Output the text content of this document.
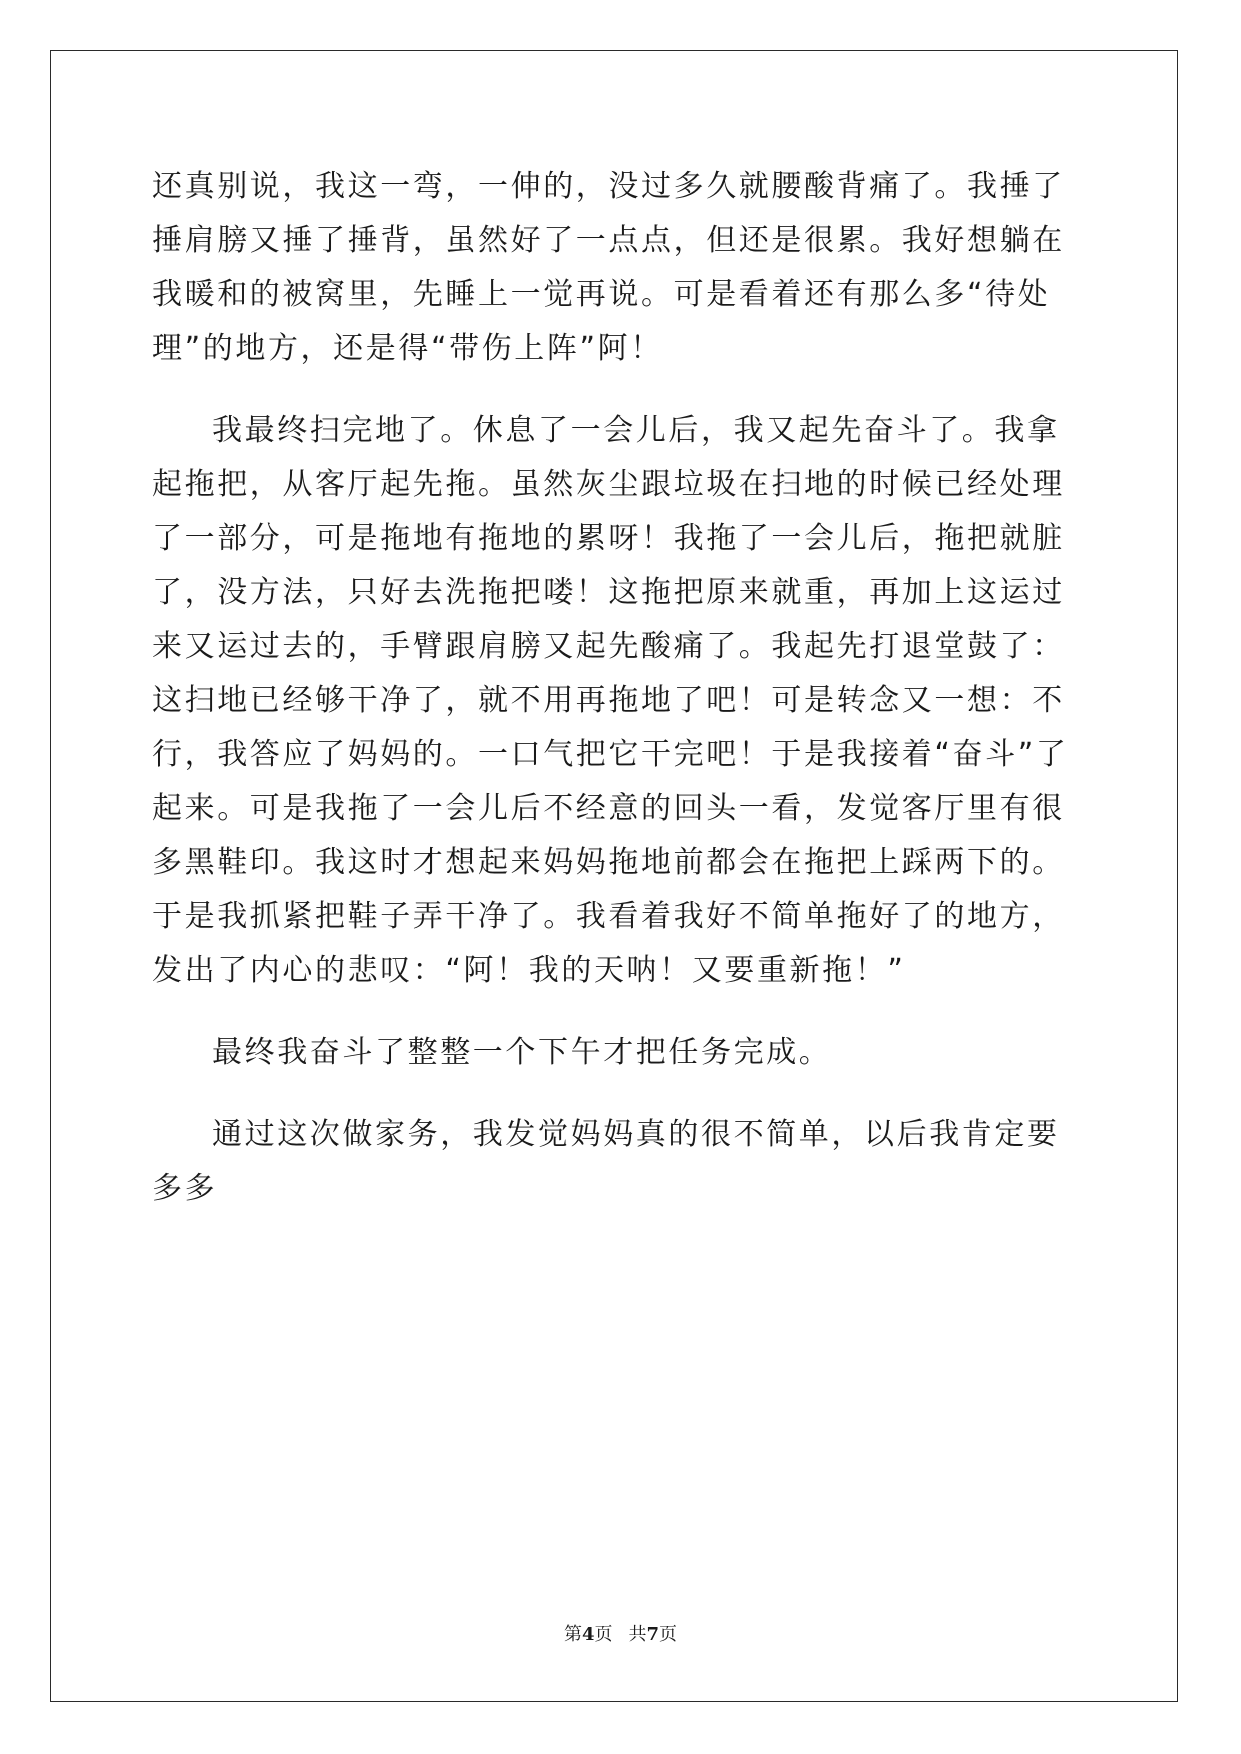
还真别说，我这一弯，一伸的，没过多久就腰酸背痛了。我捶了捶肩膀又捶了捶背，虽然好了一点点，但还是很累。我好想躺在我暖和的被窝里，先睡上一觉再说。可是看着还有那么多“待处理”的地方，还是得“带伤上阵”阿！

我最终扫完地了。休息了一会儿后，我又起先奋斗了。我拿起拖把，从客厅起先拖。虽然灰尘跟垃圾在扫地的时候已经处理了一部分，可是拖地有拖地的累呀！我拖了一会儿后，拖把就脏了，没方法，只好去洗拖把喽！这拖把原来就重，再加上这运过来又运过去的，手臂跟肩膀又起先酸痛了。我起先打退堂鼓了：这扫地已经够干净了，就不用再拖地了吧！可是转念又一想：不行，我答应了妈妈的。一口气把它干完吧！于是我接着“奋斗”了起来。可是我拖了一会儿后不经意的回头一看，发觉客厅里有很多黑鞋印。我这时才想起来妈妈拖地前都会在拖把上踩两下的。于是我抓紧把鞋子弄干净了。我看着我好不简单拖好了的地方，发出了内心的悲叹：“阿！我的天呐！又要重新拖！”

最终我奋斗了整整一个下午才把任务完成。

通过这次做家务，我发觉妈妈真的很不简单，以后我肯定要多多

第4页 共7页
